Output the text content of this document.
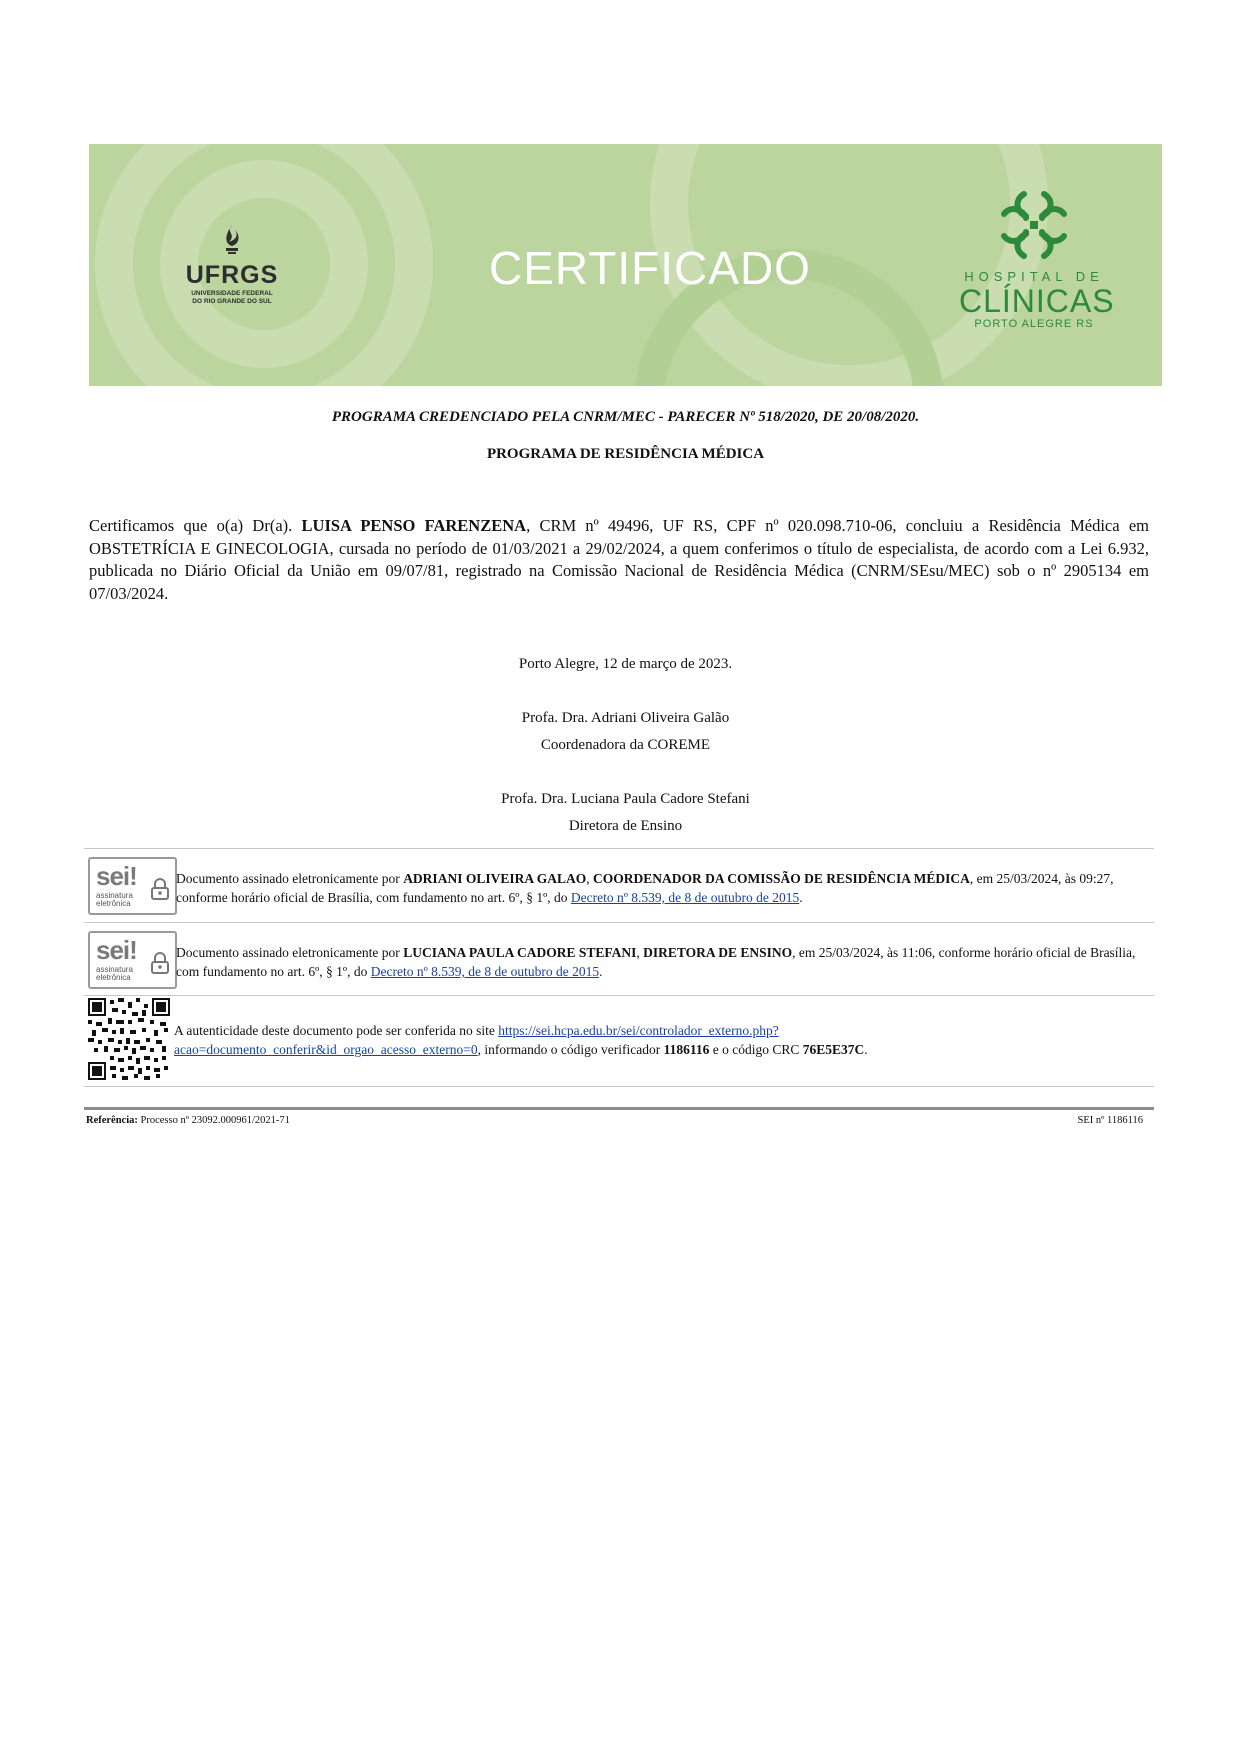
UFRGS
UNIVERSIDADE FEDERAL
DO RIO GRANDE DO SUL
CERTIFICADO	HOSPITAL DE
CLÍNICAS
PORTO ALEGRE RS
PROGRAMA CREDENCIADO PELA CNRM/MEC - PARECER Nº 518/2020, DE 20/08/2020.
PROGRAMA DE RESIDÊNCIA MÉDICA
Certificamos que o(a) Dr(a). LUISA PENSO FARENZENA, CRM nº 49496, UF RS, CPF nº 020.098.710-06, concluiu a Residência Médica em OBSTETRÍCIA E GINECOLOGIA, cursada no período de 01/03/2021 a 29/02/2024, a quem conferimos o título de especialista, de acordo com a Lei 6.932, publicada no Diário Oficial da União em 09/07/81, registrado na Comissão Nacional de Residência Médica (CNRM/SEsu/MEC) sob o nº 2905134 em 07/03/2024.
Porto Alegre, 12 de março de 2023.
Profa. Dra. Adriani Oliveira Galão
Coordenadora da COREME
Profa. Dra. Luciana Paula Cadore Stefani
Diretora de Ensino
sei!
assinatura
eletrônica
Documento assinado eletronicamente por ADRIANI OLIVEIRA GALAO, COORDENADOR DA COMISSÃO DE RESIDÊNCIA MÉDICA, em 25/03/2024, às 09:27, conforme horário oficial de Brasília, com fundamento no art. 6º, § 1º, do Decreto nº 8.539, de 8 de outubro de 2015.
sei!
assinatura
eletrônica
Documento assinado eletronicamente por LUCIANA PAULA CADORE STEFANI, DIRETORA DE ENSINO, em 25/03/2024, às 11:06, conforme horário oficial de Brasília, com fundamento no art. 6º, § 1º, do Decreto nº 8.539, de 8 de outubro de 2015.
A autenticidade deste documento pode ser conferida no site https://sei.hcpa.edu.br/sei/controlador_externo.php?
acao=documento_conferir&id_orgao_acesso_externo=0, informando o código verificador 1186116 e o código CRC 76E5E37C.
Referência: Processo nº 23092.000961/2021-71	SEI nº 1186116
